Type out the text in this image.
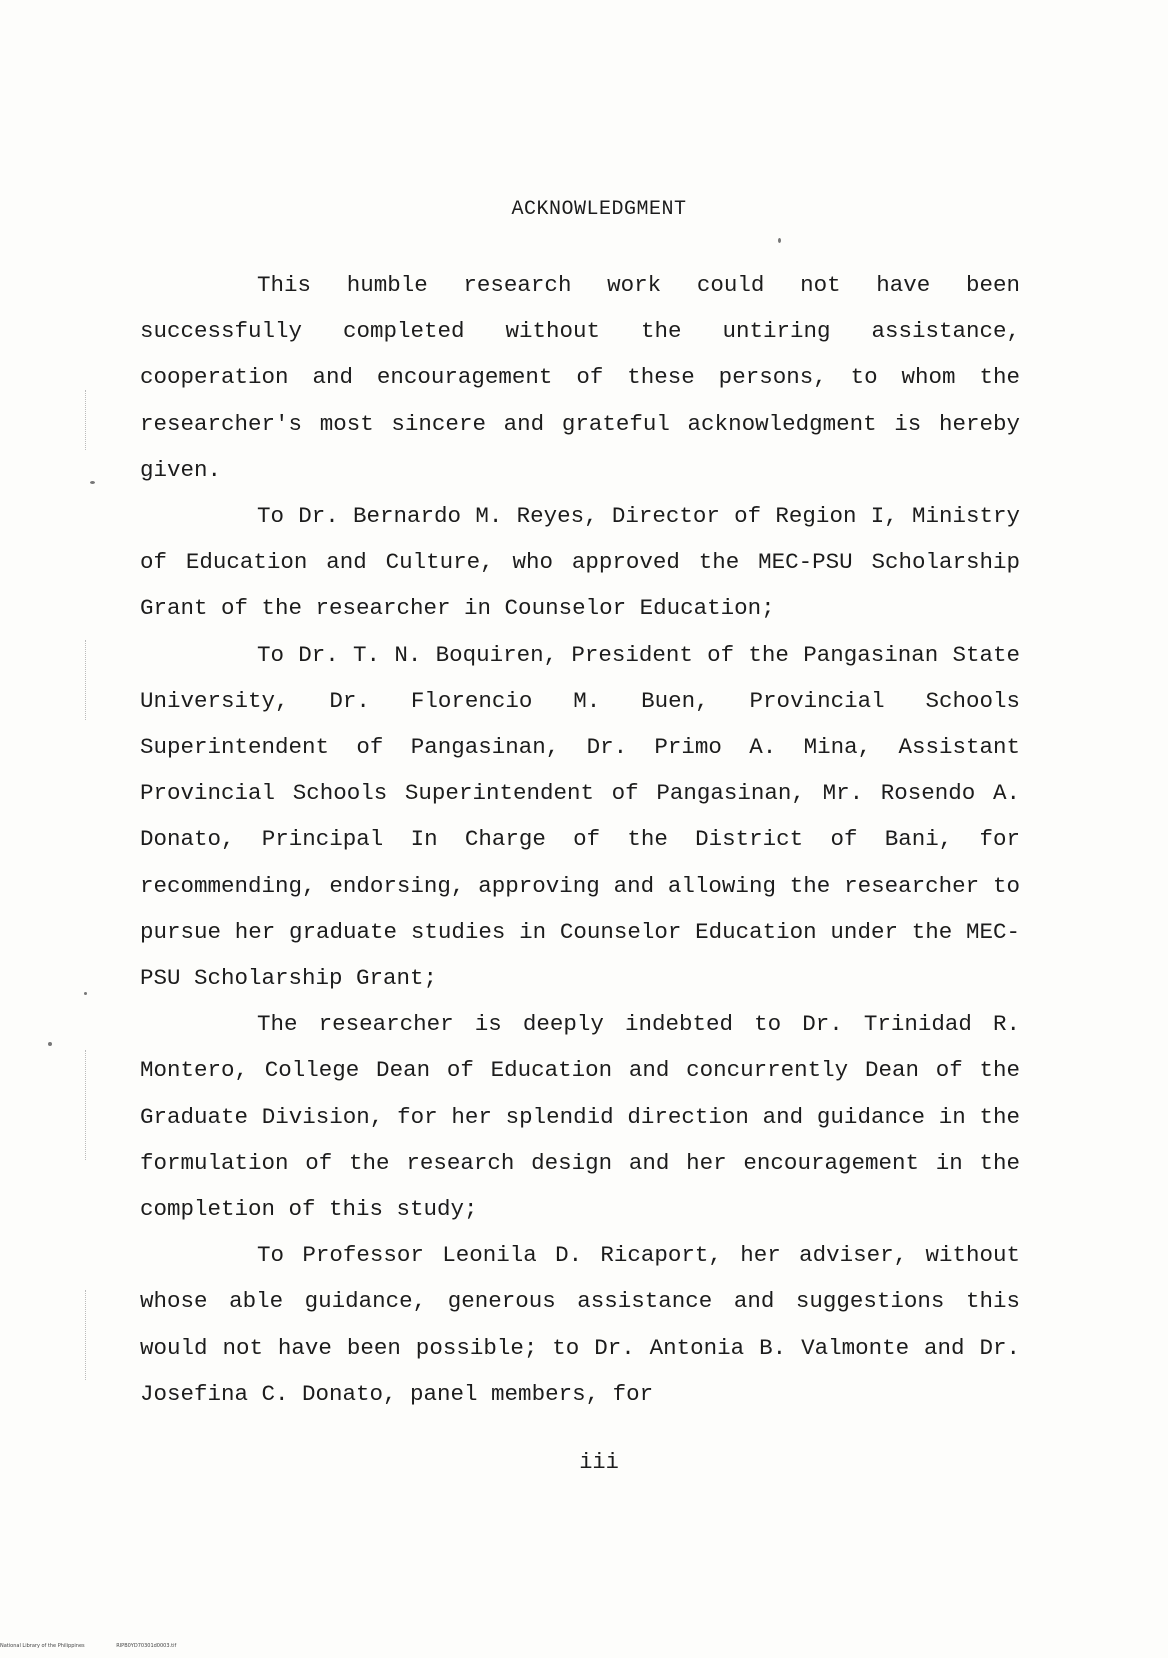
ACKNOWLEDGMENT

This humble research work could not have been successfully completed without the untiring assistance, cooperation and encouragement of these persons, to whom the researcher's most sincere and grateful acknowledgment is hereby given.

To Dr. Bernardo M. Reyes, Director of Region I, Ministry of Education and Culture, who approved the MEC-PSU Scholarship Grant of the researcher in Counselor Education;

To Dr. T. N. Boquiren, President of the Pangasinan State University, Dr. Florencio M. Buen, Provincial Schools Superintendent of Pangasinan, Dr. Primo A. Mina, Assistant Provincial Schools Superintendent of Pangasinan, Mr. Rosendo A. Donato, Principal In Charge of the District of Bani, for recommending, endorsing, approving and allowing the researcher to pursue her graduate studies in Counselor Education under the MEC-PSU Scholarship Grant;

The researcher is deeply indebted to Dr. Trinidad R. Montero, College Dean of Education and concurrently Dean of the Graduate Division, for her splendid direction and guidance in the formulation of the research design and her encouragement in the completion of this study;

To Professor Leonila D. Ricaport, her adviser, without whose able guidance, generous assistance and suggestions this would not have been possible; to Dr. Antonia B. Valmonte and Dr. Josefina C. Donato, panel members, for

iii
National Library of the Philippines	RIPB0YD70301d0003.tif
